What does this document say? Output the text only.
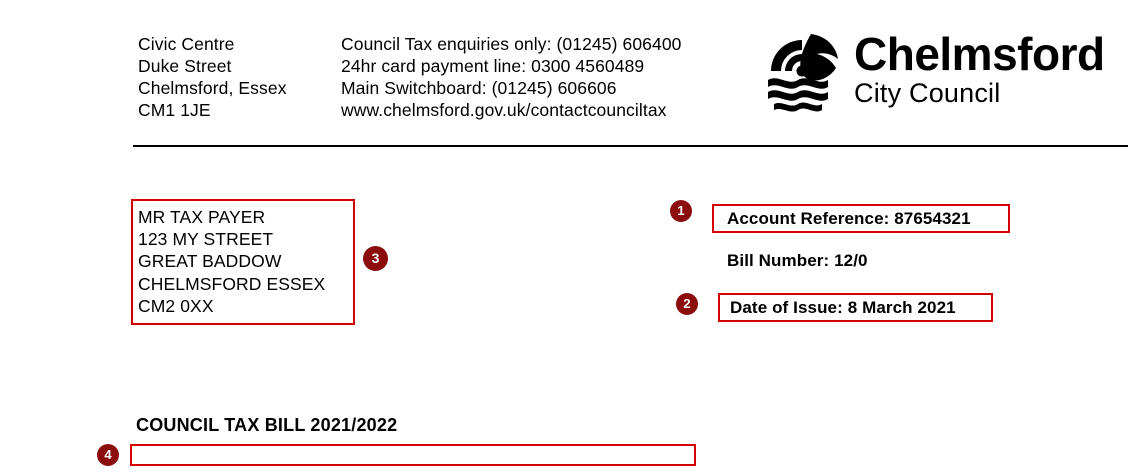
Civic Centre
Duke Street
Chelmsford, Essex
CM1 1JE
Council Tax enquiries only: (01245) 606400
24hr card payment line: 0300 4560489
Main Switchboard: (01245) 606606
www.chelmsford.gov.uk/contactcounciltax
Chelmsford
City Council
MR TAX PAYER
123 MY STREET
GREAT BADDOW
CHELMSFORD ESSEX
CM2 0XX
Account Reference: 87654321
Bill Number: 12/0
Date of Issue: 8 March 2021
COUNCIL TAX BILL 2021/2022
1
2
3
4
